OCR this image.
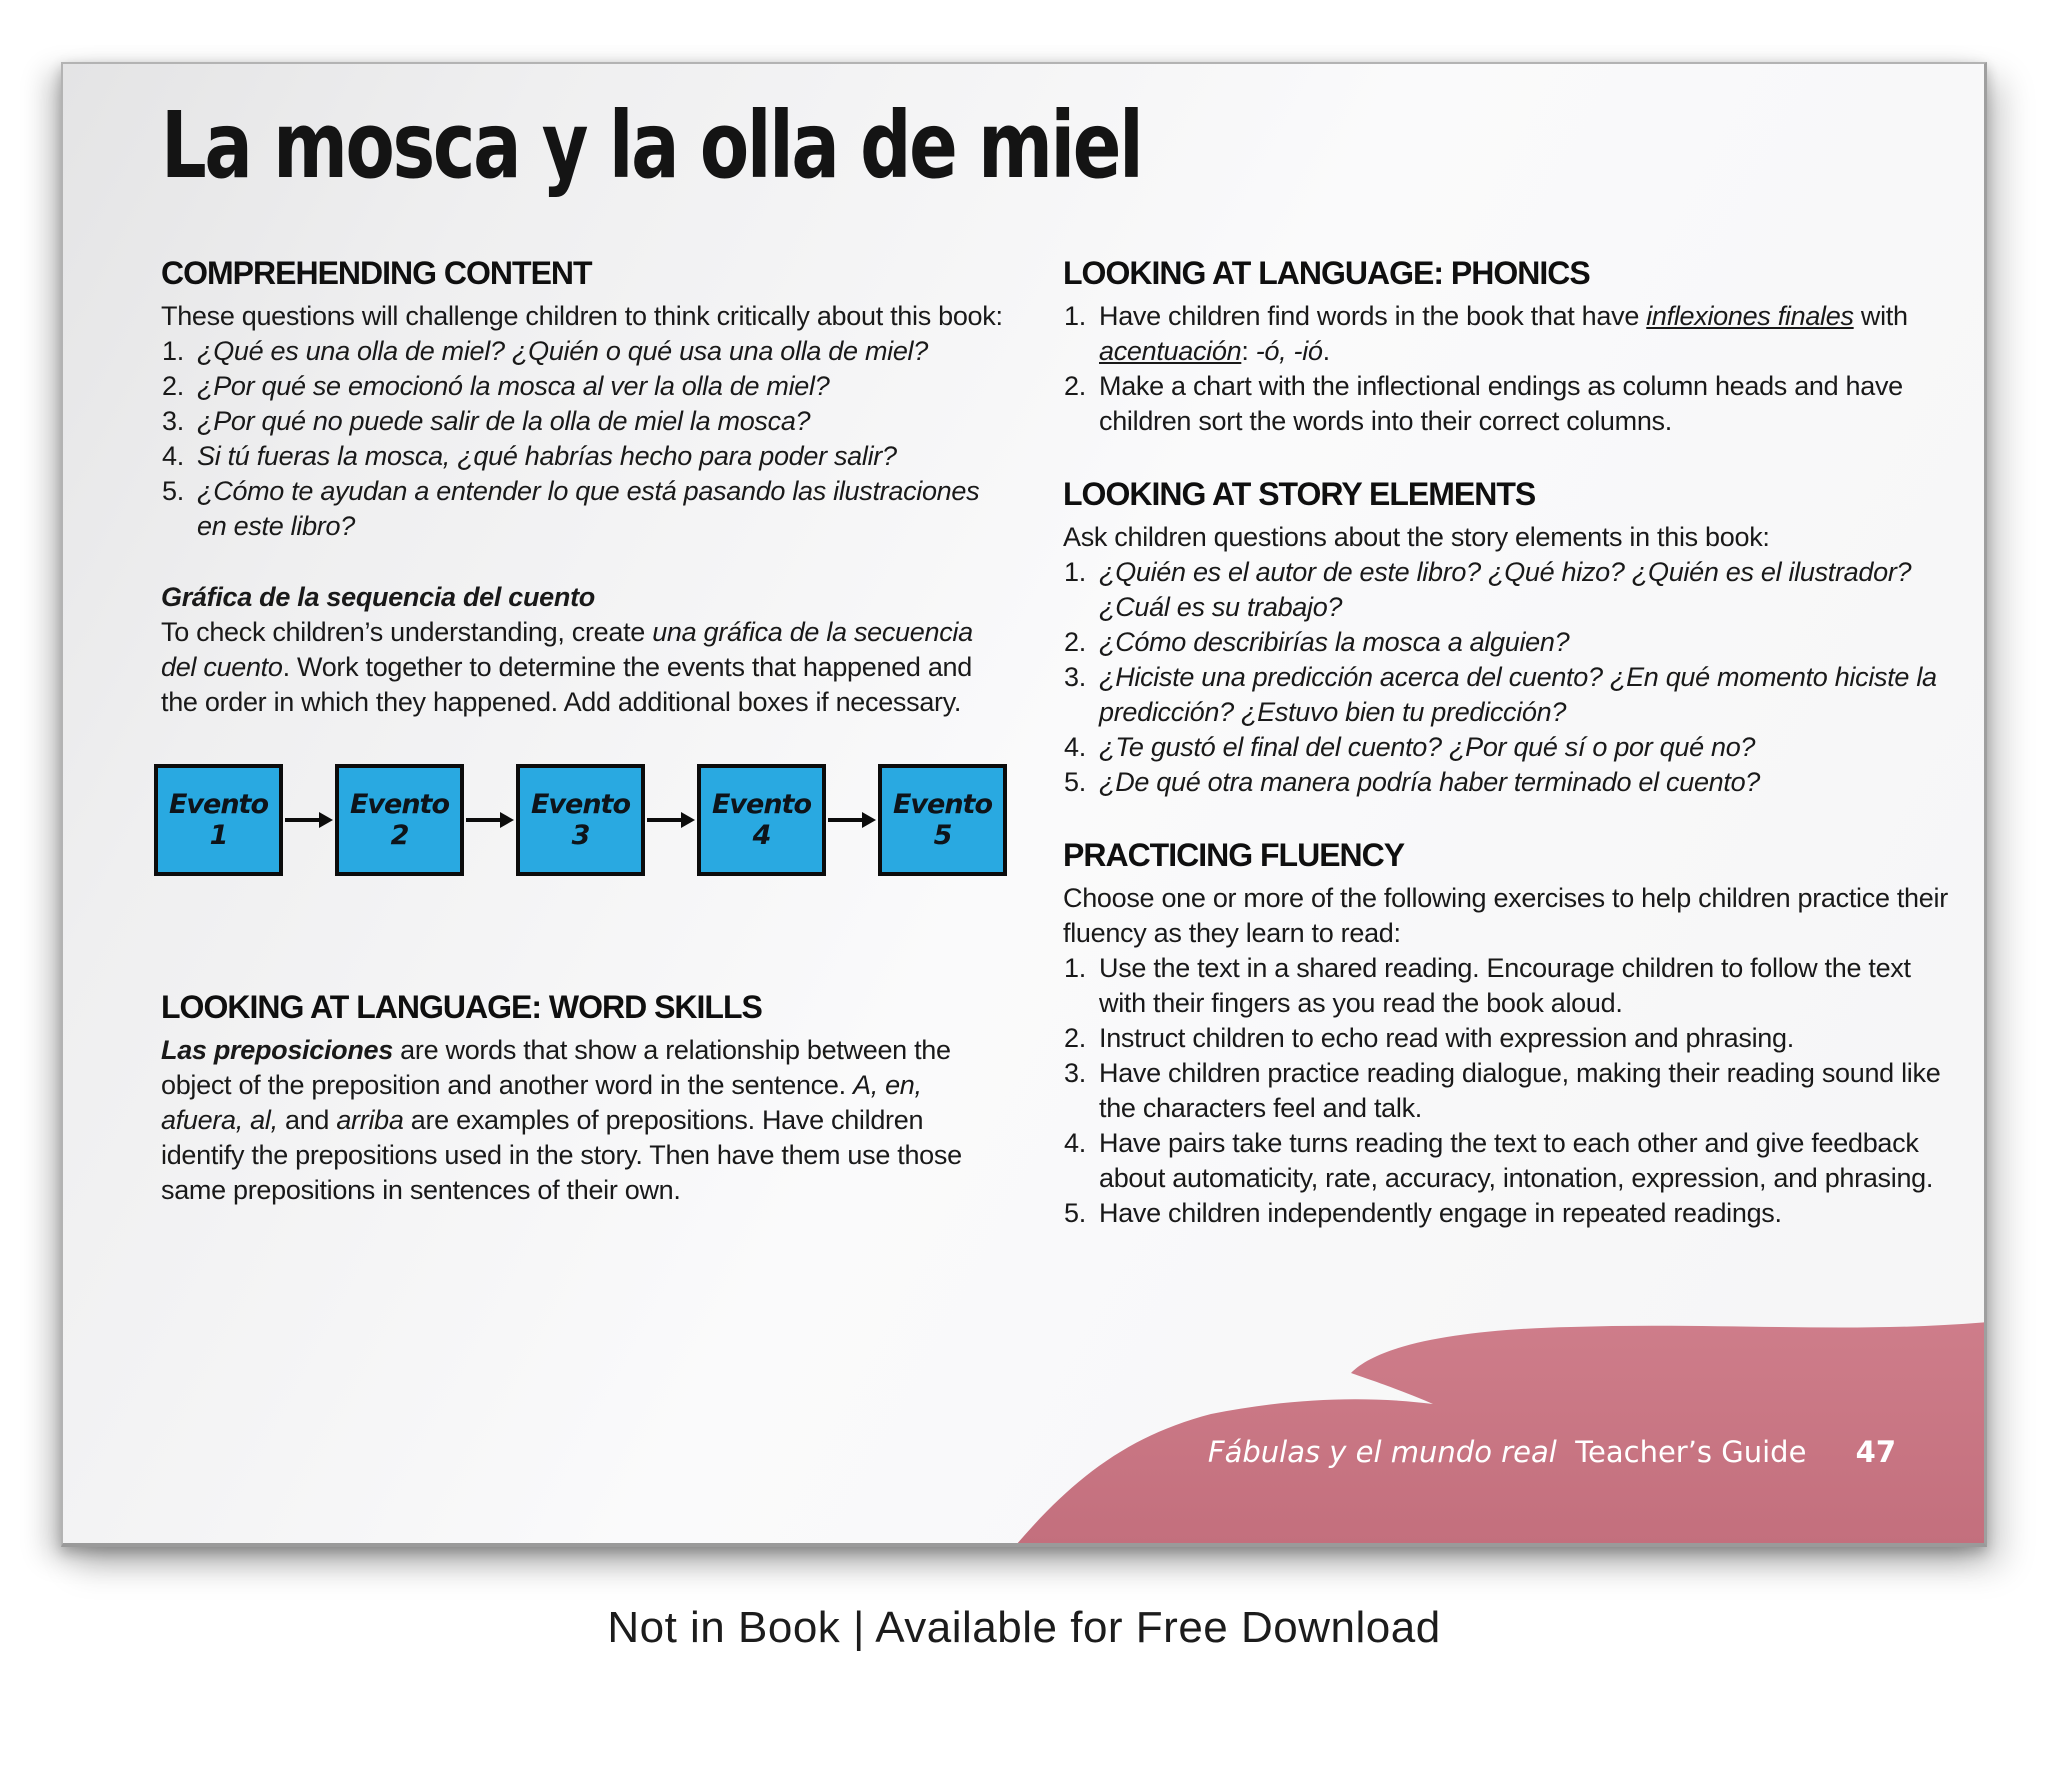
La mosca y la olla de miel
COMPREHENDING CONTENT

These questions will challenge children to think critically about this book:

1. ¿Qué es una olla de miel? ¿Quién o qué usa una olla de miel?
2. ¿Por qué se emocionó la mosca al ver la olla de miel?
3. ¿Por qué no puede salir de la olla de miel la mosca?
4. Si tú fueras la mosca, ¿qué habrías hecho para poder salir?
5. ¿Cómo te ayudan a entender lo que está pasando las ilustraciones en este libro?
Gráfica de la sequencia del cuento

To check children’s understanding, create una gráfica de la secuencia del cuento. Work together to determine the events that happened and the order in which they happened. Add additional boxes if necessary.

Evento
1
Evento
2
Evento
3
Evento
4
Evento
5
LOOKING AT LANGUAGE: WORD SKILLS

Las preposiciones are words that show a relationship between the object of the preposition and another word in the sentence. A, en, afuera, al, and arriba are examples of prepositions. Have children identify the prepositions used in the story. Then have them use those same prepositions in sentences of their own.

LOOKING AT LANGUAGE: PHONICS
1. Have children find words in the book that have inflexiones finales with acentuación: -ó, -ió.
2. Make a chart with the inflectional endings as column heads and have children sort the words into their correct columns.
LOOKING AT STORY ELEMENTS

Ask children questions about the story elements in this book:

1. ¿Quién es el autor de este libro? ¿Qué hizo? ¿Quién es el ilustrador? ¿Cuál es su trabajo?
2. ¿Cómo describirías la mosca a alguien?
3. ¿Hiciste una predicción acerca del cuento? ¿En qué momento hiciste la predicción? ¿Estuvo bien tu predicción?
4. ¿Te gustó el final del cuento? ¿Por qué sí o por qué no?
5. ¿De qué otra manera podría haber terminado el cuento?
PRACTICING FLUENCY

Choose one or more of the following exercises to help children practice their fluency as they learn to read:

1. Use the text in a shared reading. Encourage children to follow the text with their fingers as you read the book aloud.
2. Instruct children to echo read with expression and phrasing.
3. Have children practice reading dialogue, making their reading sound like the characters feel and talk.
4. Have pairs take turns reading the text to each other and give feedback about automaticity, rate, accuracy, intonation, expression, and phrasing.
5. Have children independently engage in repeated readings.
Fábulas y el mundo real Teacher’s Guide 47
Not in Book | Available for Free Download
